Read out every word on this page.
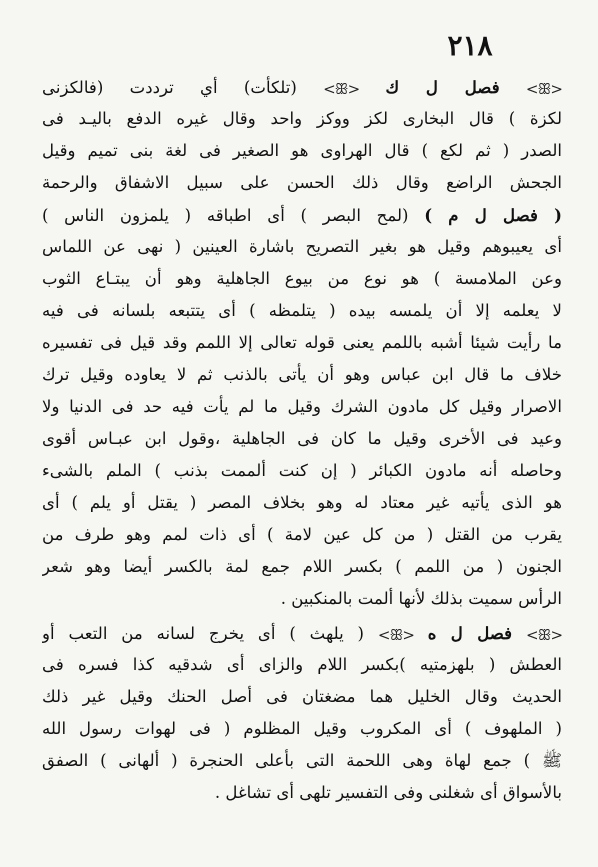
٢١٨
<ꕥ> فصل ل ك <ꕥ> (تلكأت) أي ترددت (فالكزنى
لكزة ) قال البخارى لكز ووكز واحد وقال غيره الدفع باليـد فى
الصدر ( ثم لكع ) قال الهراوى هو الصغير فى لغة بنى تميم وقيل
الجحش الراضع وقال ذلك الحسن على سبيل الاشفاق والرحمة
( فصل ل م ) (لمح البصر ) أى اطباقه ( يلمزون الناس )
أى يعيبوهم وقيل هو بغير التصريح باشارة العينين ( نهى عن اللماس
وعن الملامسة ) هو نوع من بيوع الجاهلية وهو أن يبتـاع الثوب
لا يعلمه إلا أن يلمسه بيده ( يتلمظه ) أى يتتبعه بلسانه فى فيه
ما رأيت شيئا أشبه باللمم يعنى قوله تعالى إلا اللمم وقد قيل فى تفسيره
خلاف ما قال ابن عباس وهو أن يأتى بالذنب ثم لا يعاوده وقيل ترك
الاصرار وقيل كل مادون الشرك وقيل ما لم يأت فيه حد فى الدنيا ولا
وعيد فى الأخرى وقيل ما كان فى الجاهلية ،وقول ابن عبـاس أقوى
وحاصله أنه مادون الكبائر ( إن كنت ألممت بذنب ) الملم بالشىء
هو الذى يأتيه غير معتاد له وهو بخلاف المصر ( يقتل أو يلم ) أى
يقرب من القتل ( من كل عين لامة ) أى ذات لمم وهو طرف من
الجنون ( من اللمم ) بكسر اللام جمع لمة بالكسر أيضا وهو شعر
الرأس سميت بذلك لأنها ألمت بالمنكبين .
<ꕥ> فصل ل ه <ꕥ> ( يلهث ) أى يخرج لسانه من التعب أو
العطش ( بلهزمتيه )بكسر اللام والزاى أى شدقيه كذا فسره فى
الحديث وقال الخليل هما مضغتان فى أصل الحنك وقيل غير ذلك
( الملهوف ) أى المكروب وقيل المظلوم ( فى لهوات رسول الله
ﷺ ) جمع لهاة وهى اللحمة التى بأعلى الحنجرة ( ألهانى ) الصفق
بالأسواق أى شغلنى وفى التفسير تلهى أى تشاغل .
